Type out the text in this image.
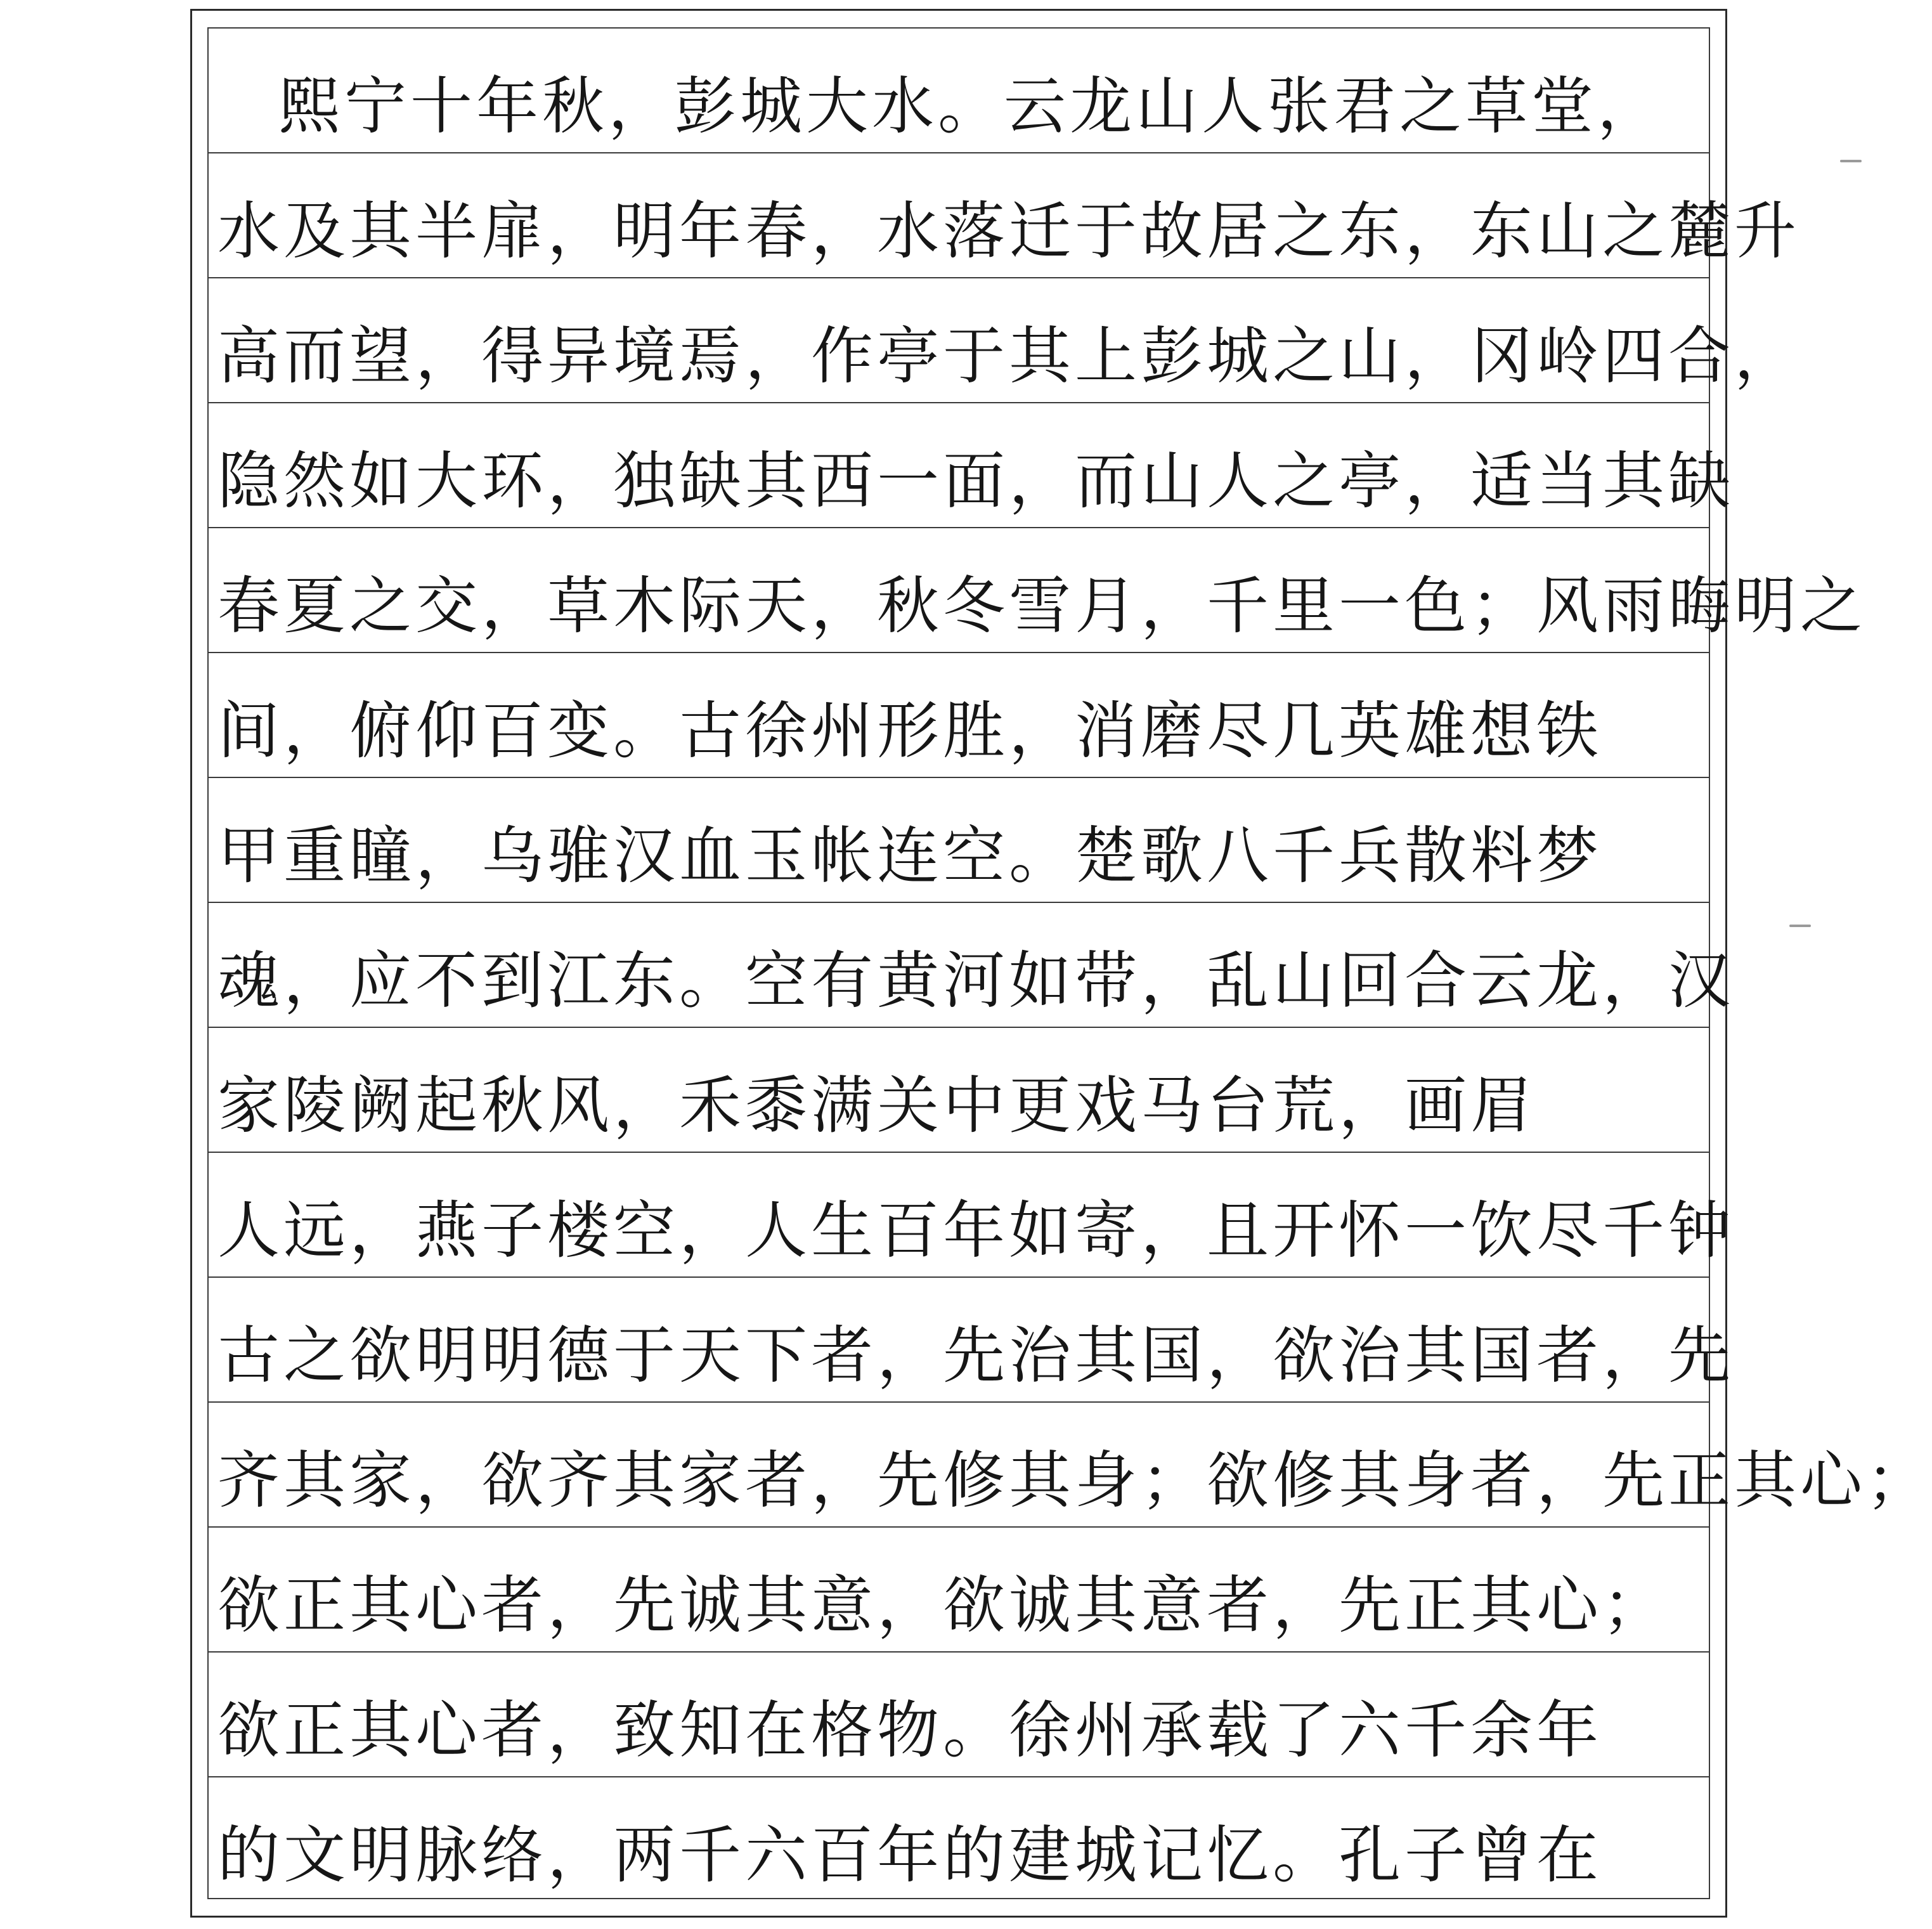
熙宁十年秋，彭城大水。云龙山人张君之草堂，
水及其半扉，明年春，水落迁于故居之东，东山之麓升
高而望，得异境焉，作亭于其上彭城之山，冈岭四合，
隐然如大环，独缺其西一面，而山人之亭，适当其缺
春夏之交，草木际天，秋冬雪月，千里一色；风雨晦明之
间，俯仰百变。古徐州形胜，消磨尽几英雄想铁
甲重瞳，乌骓汉血玉帐连空。楚歌八千兵散料梦
魂，应不到江东。空有黄河如带，乱山回合云龙，汉
家陵阙起秋风，禾黍满关中更戏马台荒，画眉
人远，燕子楼空，人生百年如寄，且开怀一饮尽千钟
古之欲明明德于天下者，先治其国，欲治其国者，先
齐其家，欲齐其家者，先修其身；欲修其身者，先正其心；
欲正其心者，先诚其意，欲诚其意者，先正其心；
欲正其心者，致知在格物。徐州承载了六千余年
的文明脉络，两千六百年的建城记忆。孔子曾在
